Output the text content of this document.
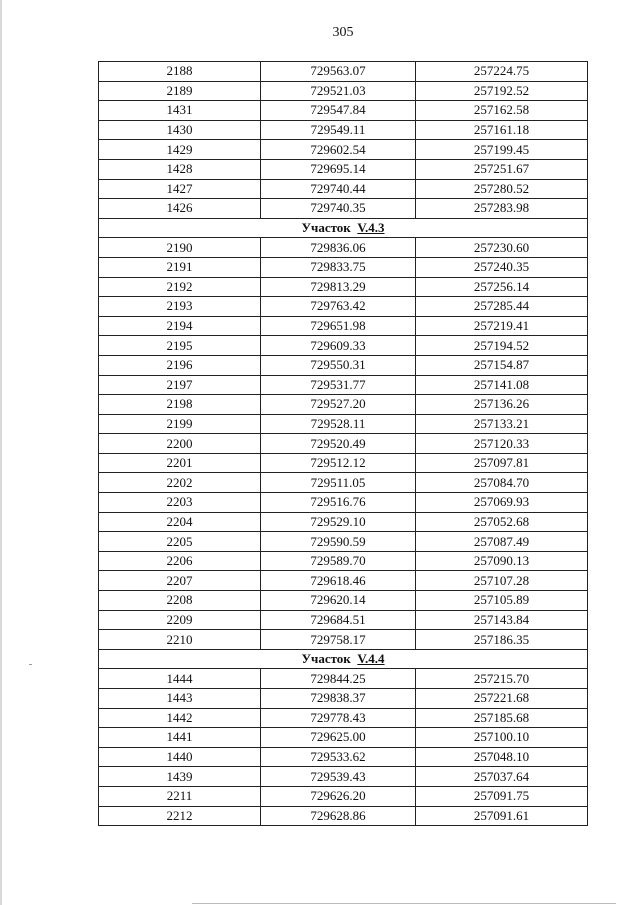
305
2188	729563.07	257224.75
2189	729521.03	257192.52
1431	729547.84	257162.58
1430	729549.11	257161.18
1429	729602.54	257199.45
1428	729695.14	257251.67
1427	729740.44	257280.52
1426	729740.35	257283.98
Участок V.4.3		
2190	729836.06	257230.60
2191	729833.75	257240.35
2192	729813.29	257256.14
2193	729763.42	257285.44
2194	729651.98	257219.41
2195	729609.33	257194.52
2196	729550.31	257154.87
2197	729531.77	257141.08
2198	729527.20	257136.26
2199	729528.11	257133.21
2200	729520.49	257120.33
2201	729512.12	257097.81
2202	729511.05	257084.70
2203	729516.76	257069.93
2204	729529.10	257052.68
2205	729590.59	257087.49
2206	729589.70	257090.13
2207	729618.46	257107.28
2208	729620.14	257105.89
2209	729684.51	257143.84
2210	729758.17	257186.35
Участок V.4.4		
1444	729844.25	257215.70
1443	729838.37	257221.68
1442	729778.43	257185.68
1441	729625.00	257100.10
1440	729533.62	257048.10
1439	729539.43	257037.64
2211	729626.20	257091.75
2212	729628.86	257091.61
